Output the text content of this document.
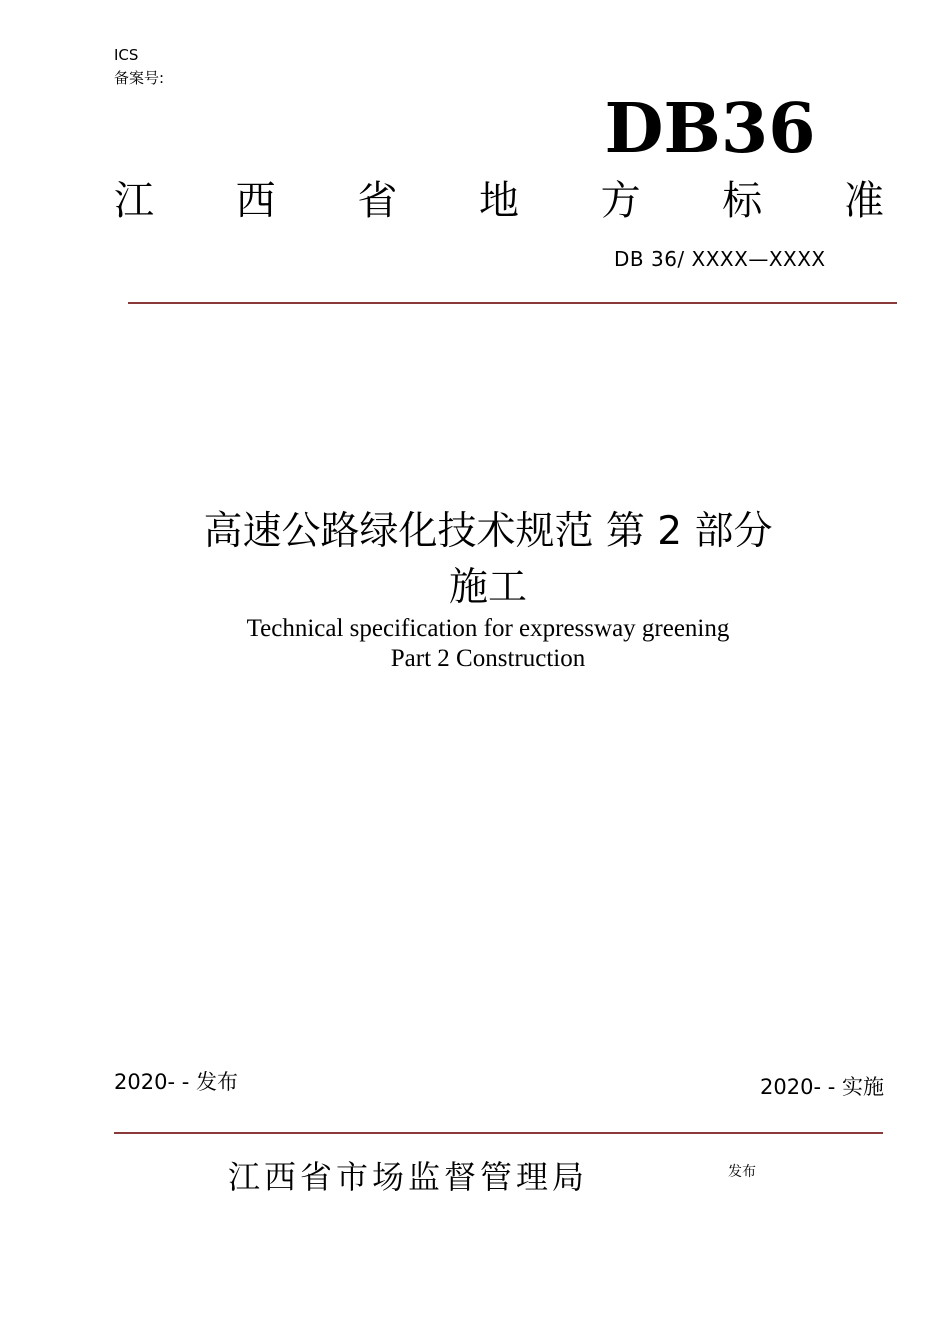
ICS
备案号:
DB36
江 西 省 地 方 标 准
DB 36/ XXXX—XXXX
高速公路绿化技术规范 第 2 部分
施工
Technical specification for expressway greening
Part 2 Construction
2020- - 发布	2020- - 实施
江西省市场监督管理局	发布
